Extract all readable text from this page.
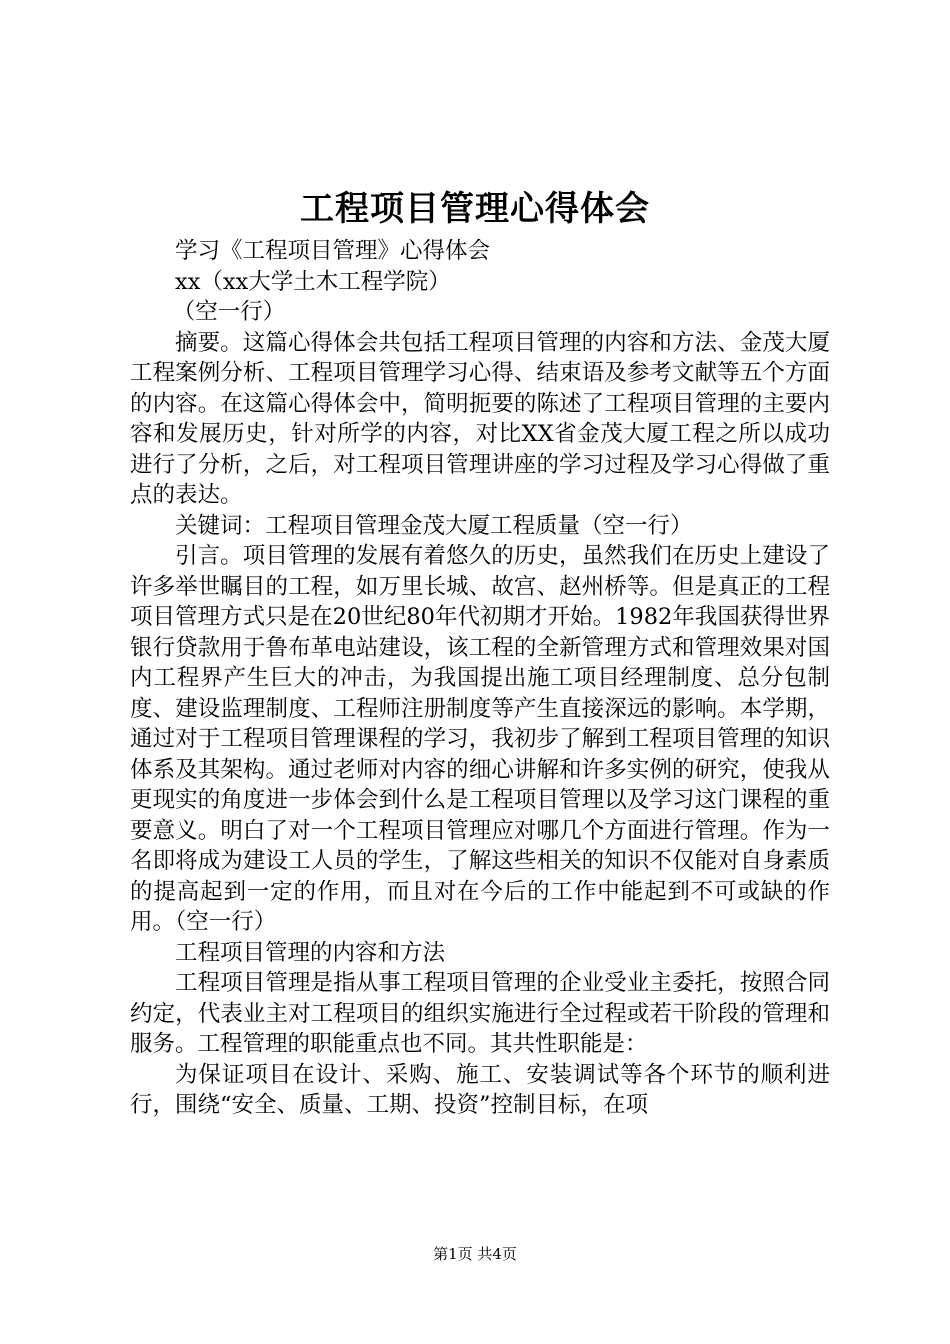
工程项目管理心得体会

学习《工程项目管理》心得体会

xx（xx大学土木工程学院）

（空一行）

摘要。这篇心得体会共包括工程项目管理的内容和方法、金茂大厦工程案例分析、工程项目管理学习心得、结束语及参考文献等五个方面的内容。在这篇心得体会中，简明扼要的陈述了工程项目管理的主要内容和发展历史，针对所学的内容，对比XX省金茂大厦工程之所以成功进行了分析，之后，对工程项目管理讲座的学习过程及学习心得做了重点的表达。

关键词：工程项目管理金茂大厦工程质量（空一行）

引言。项目管理的发展有着悠久的历史，虽然我们在历史上建设了许多举世瞩目的工程，如万里长城、故宫、赵州桥等。但是真正的工程项目管理方式只是在20世纪80年代初期才开始。1982年我国获得世界银行贷款用于鲁布革电站建设，该工程的全新管理方式和管理效果对国内工程界产生巨大的冲击，为我国提出施工项目经理制度、总分包制度、建设监理制度、工程师注册制度等产生直接深远的影响。本学期，通过对于工程项目管理课程的学习，我初步了解到工程项目管理的知识体系及其架构。通过老师对内容的细心讲解和许多实例的研究，使我从更现实的角度进一步体会到什么是工程项目管理以及学习这门课程的重要意义。明白了对一个工程项目管理应对哪几个方面进行管理。作为一名即将成为建设工人员的学生，了解这些相关的知识不仅能对自身素质的提高起到一定的作用，而且对在今后的工作中能起到不可或缺的作用。（空一行）

工程项目管理的内容和方法

工程项目管理是指从事工程项目管理的企业受业主委托，按照合同约定，代表业主对工程项目的组织实施进行全过程或若干阶段的管理和服务。工程管理的职能重点也不同。其共性职能是：

为保证项目在设计、采购、施工、安装调试等各个环节的顺利进行，围绕“安全、质量、工期、投资”控制目标，在项

第1页 共4页
